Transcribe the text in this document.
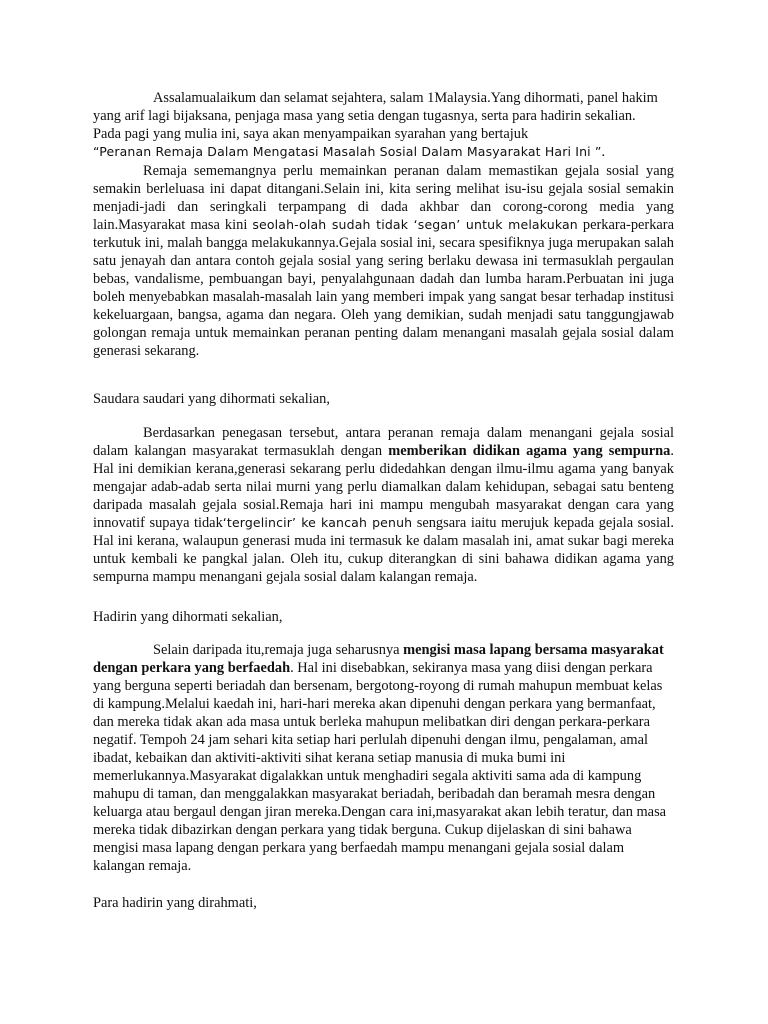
Assalamualaikum dan selamat sejahtera, salam 1Malaysia.Yang dihormati, panel hakim yang arif lagi bijaksana, penjaga masa yang setia dengan tugasnya, serta para hadirin sekalian. Pada pagi yang mulia ini, saya akan menyampaikan syarahan yang bertajuk
“Peranan Remaja Dalam Mengatasi Masalah Sosial Dalam Masyarakat Hari Ini ”.

Remaja sememangnya perlu memainkan peranan dalam memastikan gejala sosial yang semakin berleluasa ini dapat ditangani.Selain ini, kita sering melihat isu-isu gejala sosial semakin menjadi-jadi dan seringkali terpampang di dada akhbar dan corong-corong media yang lain.Masyarakat masa kini seolah-olah sudah tidak ‘segan’ untuk melakukan perkara-perkara terkutuk ini, malah bangga melakukannya.Gejala sosial ini, secara spesifiknya juga merupakan salah satu jenayah dan antara contoh gejala sosial yang sering berlaku dewasa ini termasuklah pergaulan bebas, vandalisme, pembuangan bayi, penyalahgunaan dadah dan lumba haram.Perbuatan ini juga boleh menyebabkan masalah-masalah lain yang memberi impak yang sangat besar terhadap institusi kekeluargaan, bangsa, agama dan negara. Oleh yang demikian, sudah menjadi satu tanggungjawab golongan remaja untuk memainkan peranan penting dalam menangani masalah gejala sosial dalam generasi sekarang.

Saudara saudari yang dihormati sekalian,

Berdasarkan penegasan tersebut, antara peranan remaja dalam menangani gejala sosial dalam kalangan masyarakat termasuklah dengan memberikan didikan agama yang sempurna. Hal ini demikian kerana,generasi sekarang perlu didedahkan dengan ilmu-ilmu agama yang banyak mengajar adab-adab serta nilai murni yang perlu diamalkan dalam kehidupan, sebagai satu benteng daripada masalah gejala sosial.Remaja hari ini mampu mengubah masyarakat dengan cara yang innovatif supaya tidak‘tergelincir’ ke kancah penuh sengsara iaitu merujuk kepada gejala sosial. Hal ini kerana, walaupun generasi muda ini termasuk ke dalam masalah ini, amat sukar bagi mereka untuk kembali ke pangkal jalan. Oleh itu, cukup diterangkan di sini bahawa didikan agama yang sempurna mampu menangani gejala sosial dalam kalangan remaja.

Hadirin yang dihormati sekalian,

Selain daripada itu,remaja juga seharusnya mengisi masa lapang bersama masyarakat dengan perkara yang berfaedah. Hal ini disebabkan, sekiranya masa yang diisi dengan perkara yang berguna seperti beriadah dan bersenam, bergotong-royong di rumah mahupun membuat kelas di kampung.Melalui kaedah ini, hari-hari mereka akan dipenuhi dengan perkara yang bermanfaat, dan mereka tidak akan ada masa untuk berleka mahupun melibatkan diri dengan perkara-perkara negatif. Tempoh 24 jam sehari kita setiap hari perlulah dipenuhi dengan ilmu, pengalaman, amal ibadat, kebaikan dan aktiviti-aktiviti sihat kerana setiap manusia di muka bumi ini memerlukannya.Masyarakat digalakkan untuk menghadiri segala aktiviti sama ada di kampung mahupu di taman, dan menggalakkan masyarakat beriadah, beribadah dan beramah mesra dengan keluarga atau bergaul dengan jiran mereka.Dengan cara ini,masyarakat akan lebih teratur, dan masa mereka tidak dibazirkan dengan perkara yang tidak berguna. Cukup dijelaskan di sini bahawa mengisi masa lapang dengan perkara yang berfaedah mampu menangani gejala sosial dalam kalangan remaja.

Para hadirin yang dirahmati,
